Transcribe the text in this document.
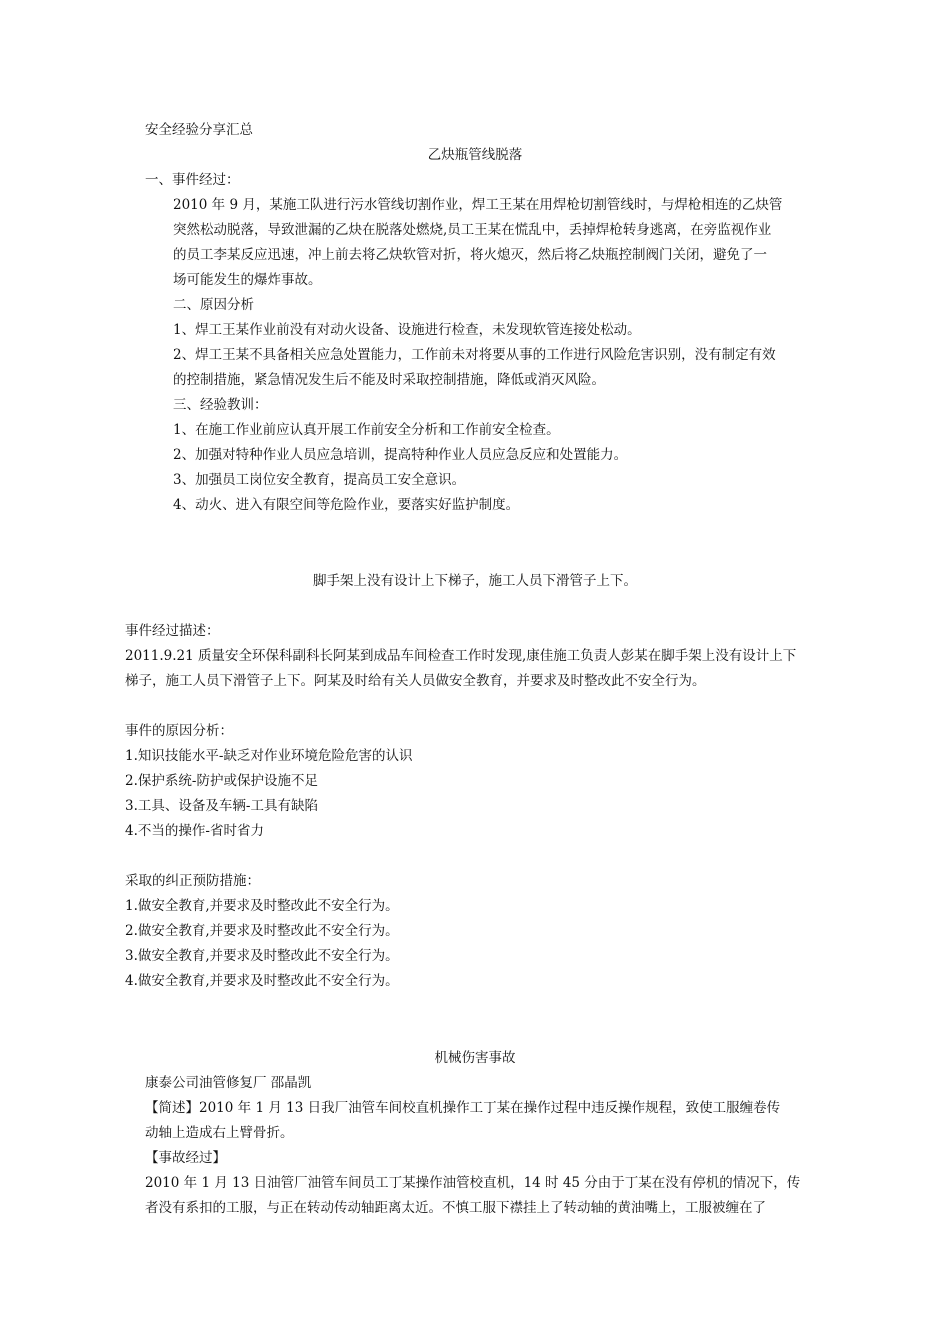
安全经验分享汇总

乙炔瓶管线脱落

一、事件经过：

2010 年 9 月，某施工队进行污水管线切割作业，焊工王某在用焊枪切割管线时，与焊枪相连的乙炔管

突然松动脱落，导致泄漏的乙炔在脱落处燃烧,员工王某在慌乱中，丢掉焊枪转身逃离，在旁监视作业

的员工李某反应迅速，冲上前去将乙炔软管对折，将火熄灭，然后将乙炔瓶控制阀门关闭，避免了一

场可能发生的爆炸事故。

二、原因分析

1、焊工王某作业前没有对动火设备、设施进行检查，未发现软管连接处松动。

2、焊工王某不具备相关应急处置能力，工作前未对将要从事的工作进行风险危害识别，没有制定有效

的控制措施，紧急情况发生后不能及时采取控制措施，降低或消灭风险。

三、经验教训：

1、在施工作业前应认真开展工作前安全分析和工作前安全检查。

2、加强对特种作业人员应急培训，提高特种作业人员应急反应和处置能力。

3、加强员工岗位安全教育，提高员工安全意识。

4、动火、进入有限空间等危险作业，要落实好监护制度。

脚手架上没有设计上下梯子，施工人员下滑管子上下。

事件经过描述：

2011.9.21 质量安全环保科副科长阿某到成品车间检查工作时发现,康佳施工负责人彭某在脚手架上没有设计上下

梯子，施工人员下滑管子上下。阿某及时给有关人员做安全教育，并要求及时整改此不安全行为。

事件的原因分析：

1.知识技能水平-缺乏对作业环境危险危害的认识

2.保护系统-防护或保护设施不足

3.工具、设备及车辆-工具有缺陷

4.不当的操作-省时省力

采取的纠正预防措施：

1.做安全教育,并要求及时整改此不安全行为。

2.做安全教育,并要求及时整改此不安全行为。

3.做安全教育,并要求及时整改此不安全行为。

4.做安全教育,并要求及时整改此不安全行为。

机械伤害事故

康泰公司油管修复厂 邵晶凯

【简述】2010 年 1 月 13 日我厂油管车间校直机操作工丁某在操作过程中违反操作规程，致使工服缠卷传

动轴上造成右上臂骨折。

【事故经过】

2010 年 1 月 13 日油管厂油管车间员工丁某操作油管校直机，14 时 45 分由于丁某在没有停机的情况下，传

者没有系扣的工服，与正在转动传动轴距离太近。不慎工服下襟挂上了转动轴的黄油嘴上，工服被缠在了
